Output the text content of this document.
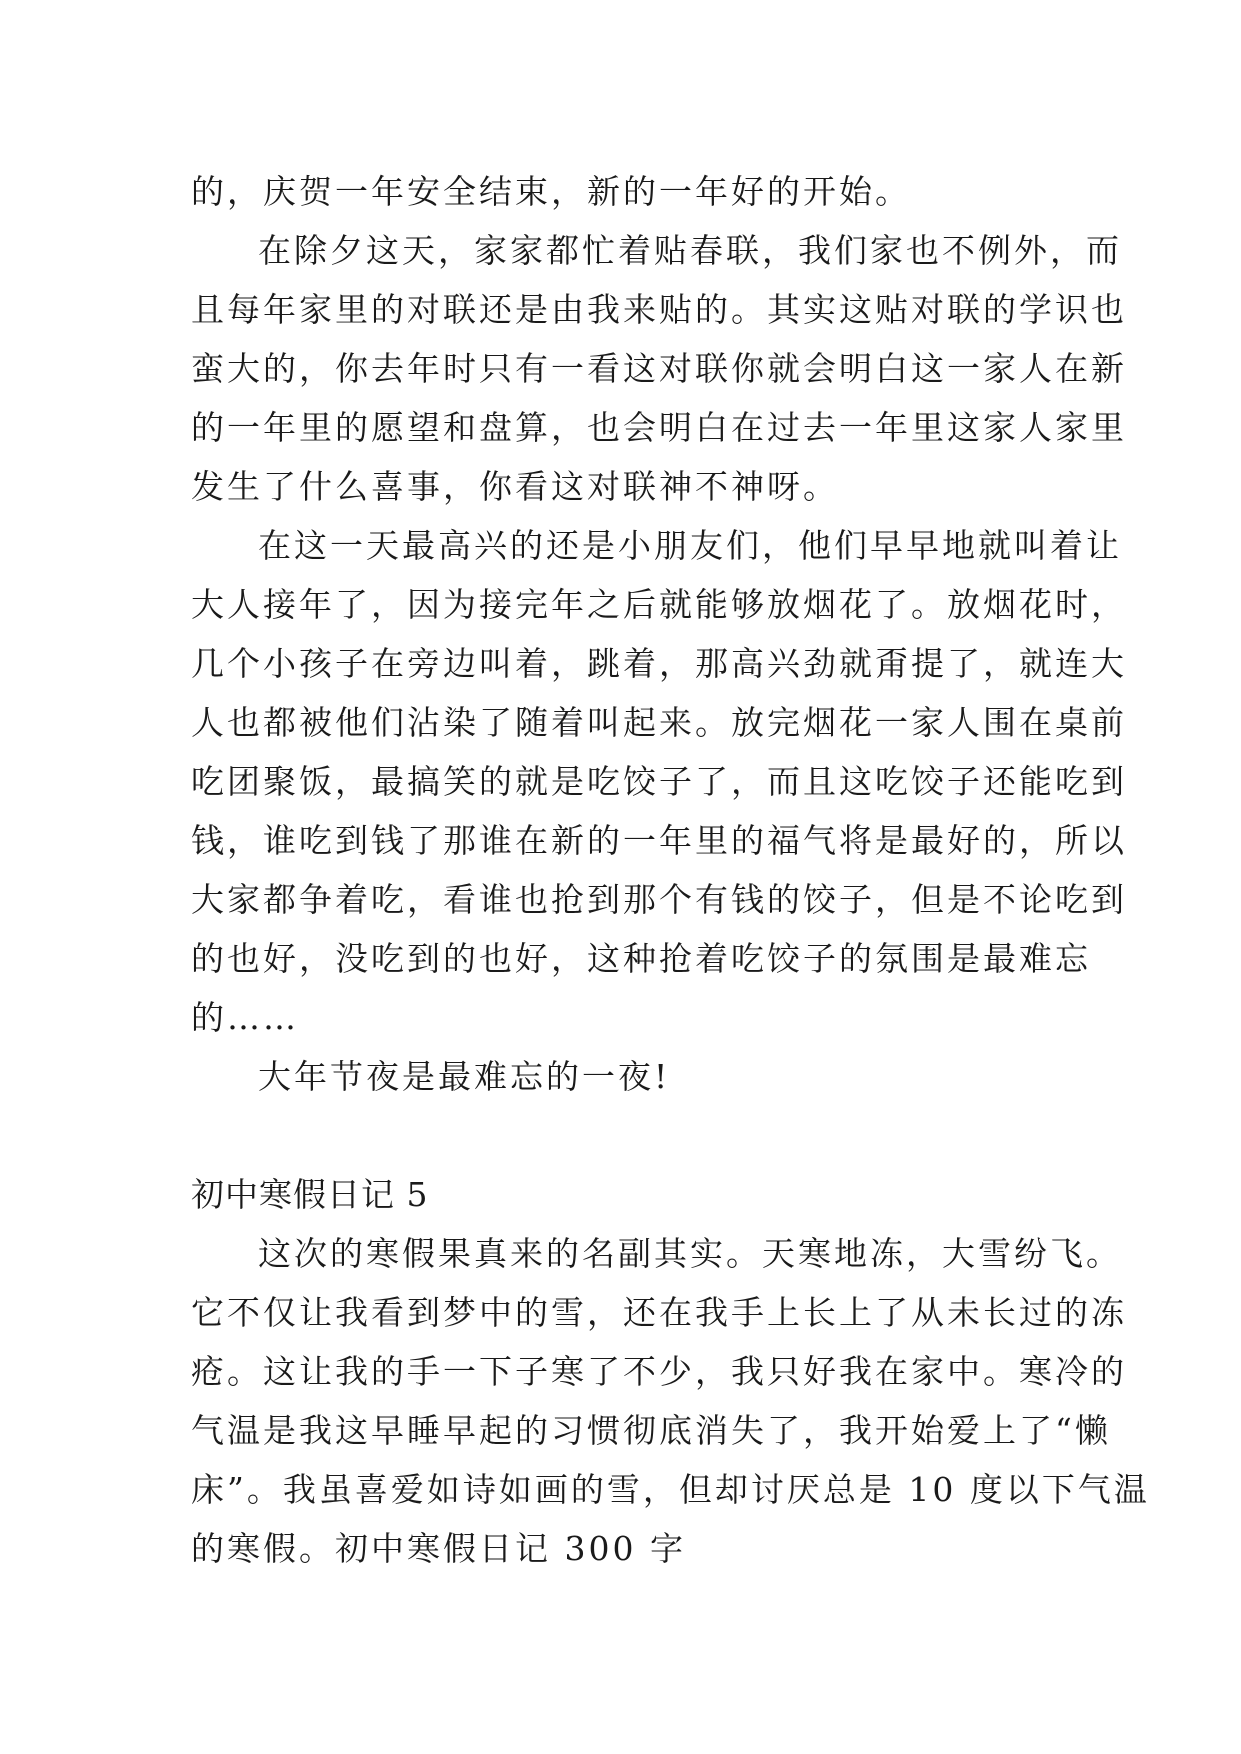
的，庆贺一年安全结束，新的一年好的开始。
在除夕这天，家家都忙着贴春联，我们家也不例外，而
且每年家里的对联还是由我来贴的。其实这贴对联的学识也
蛮大的，你去年时只有一看这对联你就会明白这一家人在新
的一年里的愿望和盘算，也会明白在过去一年里这家人家里
发生了什么喜事，你看这对联神不神呀。
在这一天最高兴的还是小朋友们，他们早早地就叫着让
大人接年了，因为接完年之后就能够放烟花了。放烟花时，
几个小孩子在旁边叫着，跳着，那高兴劲就甭提了，就连大
人也都被他们沾染了随着叫起来。放完烟花一家人围在桌前
吃团聚饭，最搞笑的就是吃饺子了，而且这吃饺子还能吃到
钱，谁吃到钱了那谁在新的一年里的福气将是最好的，所以
大家都争着吃，看谁也抢到那个有钱的饺子，但是不论吃到
的也好，没吃到的也好，这种抢着吃饺子的氛围是最难忘
的……
大年节夜是最难忘的一夜!
初中寒假日记 5
这次的寒假果真来的名副其实。天寒地冻，大雪纷飞。
它不仅让我看到梦中的雪，还在我手上长上了从未长过的冻
疮。这让我的手一下子寒了不少，我只好我在家中。寒冷的
气温是我这早睡早起的习惯彻底消失了，我开始爱上了“懒
床”。我虽喜爱如诗如画的雪，但却讨厌总是 10 度以下气温
的寒假。初中寒假日记 300 字
